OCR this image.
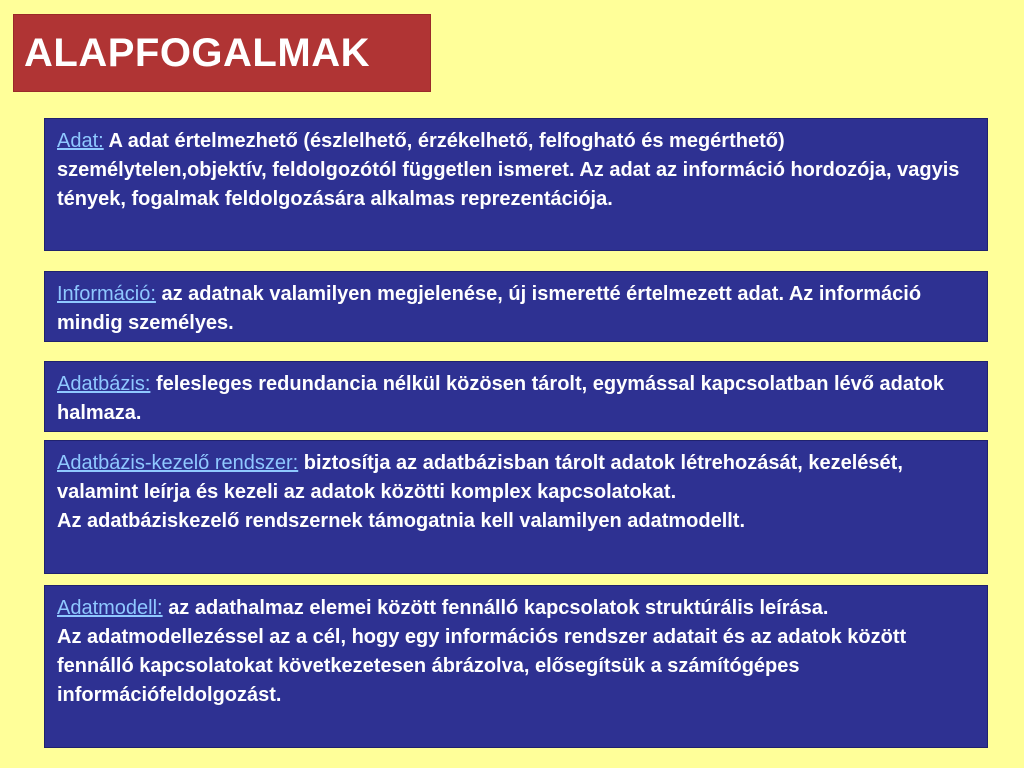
ALAPFOGALMAK

Adat: A adat értelmezhető (észlelhető, érzékelhető, felfogható és megérthető) személytelen,objektív, feldolgozótól független ismeret. Az adat az információ hordozója, vagyis tények, fogalmak feldolgozására alkalmas reprezentációja.

Információ: az adatnak valamilyen megjelenése, új ismeretté értelmezett adat. Az információ mindig személyes.

Adatbázis: felesleges redundancia nélkül közösen tárolt, egymással kapcsolatban lévő adatok halmaza.

Adatbázis-kezelő rendszer: biztosítja az adatbázisban tárolt adatok létrehozását, kezelését, valamint leírja és kezeli az adatok közötti komplex kapcsolatokat.

Az adatbáziskezelő rendszernek támogatnia kell valamilyen adatmodellt.

Adatmodell: az adathalmaz elemei között fennálló kapcsolatok struktúrális leírása.

Az adatmodellezéssel az a cél, hogy egy információs rendszer adatait és az adatok között fennálló kapcsolatokat következetesen ábrázolva, elősegítsük a számítógépes információfeldolgozást.
